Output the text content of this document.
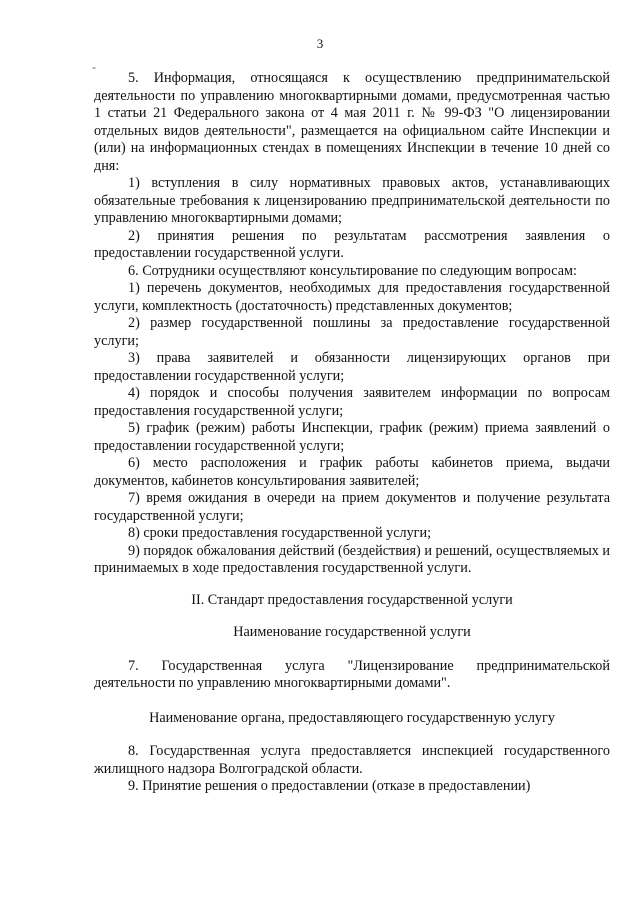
3
-

5. Информация, относящаяся к осуществлению предпринимательской деятельности по управлению многоквартирными домами, предусмотренная частью 1 статьи 21 Федерального закона от 4 мая 2011 г. № 99-ФЗ "О лицензировании отдельных видов деятельности", размещается на официальном сайте Инспекции и (или) на информационных стендах в помещениях Инспекции в течение 10 дней со дня:

1) вступления в силу нормативных правовых актов, устанавливающих обязательные требования к лицензированию предпринимательской деятельности по управлению многоквартирными домами;

2) принятия решения по результатам рассмотрения заявления о предоставлении государственной услуги.

6. Сотрудники осуществляют консультирование по следующим вопросам:

1) перечень документов, необходимых для предоставления государственной услуги, комплектность (достаточность) представленных документов;

2) размер государственной пошлины за предоставление государственной услуги;

3) права заявителей и обязанности лицензирующих органов при предоставлении государственной услуги;

4) порядок и способы получения заявителем информации по вопросам предоставления государственной услуги;

5) график (режим) работы Инспекции, график (режим) приема заявлений о предоставлении государственной услуги;

6) место расположения и график работы кабинетов приема, выдачи документов, кабинетов консультирования заявителей;

7) время ожидания в очереди на прием документов и получение результата государственной услуги;

8) сроки предоставления государственной услуги;

9) порядок обжалования действий (бездействия) и решений, осуществляемых и принимаемых в ходе предоставления государственной услуги.

II. Стандарт предоставления государственной услуги

Наименование государственной услуги

7. Государственная услуга "Лицензирование предпринимательской деятельности по управлению многоквартирными домами".

Наименование органа, предоставляющего государственную услугу

8. Государственная услуга предоставляется инспекцией государственного жилищного надзора Волгоградской области.

9. Принятие решения о предоставлении (отказе в предоставлении)
